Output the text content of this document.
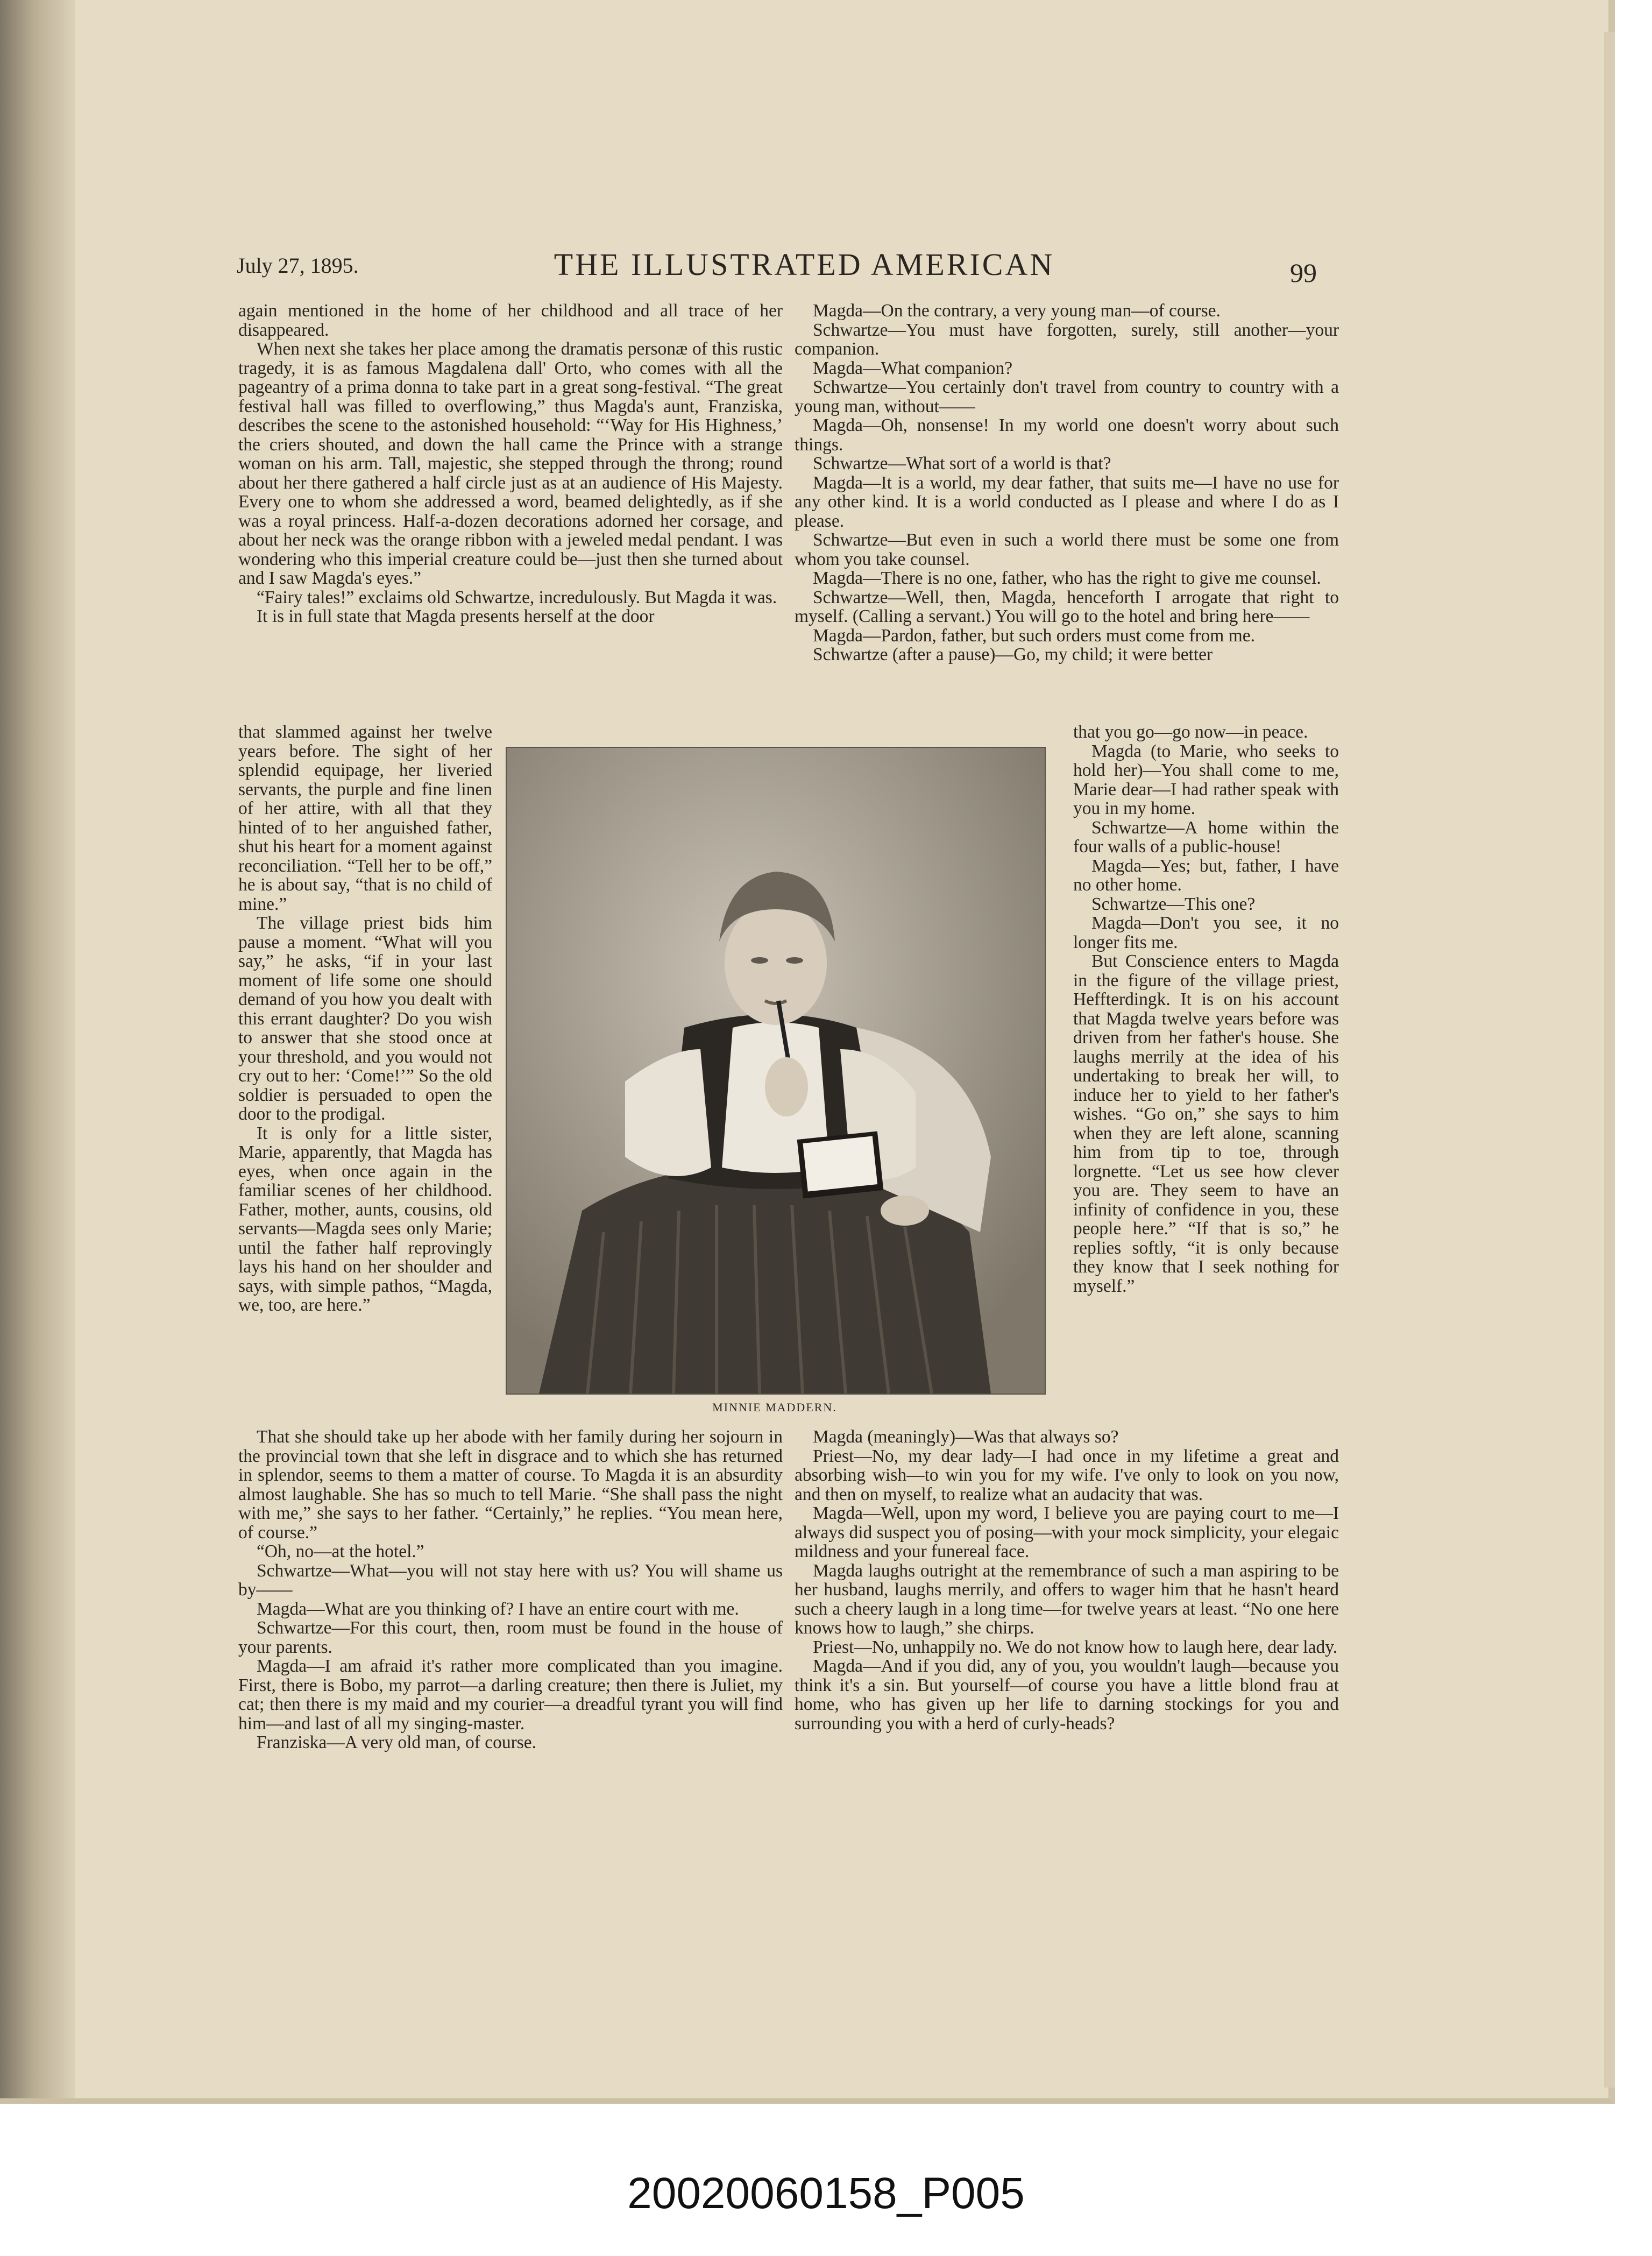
July 27, 1895.	THE ILLUSTRATED AMERICAN	99

again mentioned in the home of her childhood and all trace of her disappeared.

When next she takes her place among the dramatis personæ of this rustic tragedy, it is as famous Magdalena dall' Orto, who comes with all the pageantry of a prima donna to take part in a great song-festival. “The great festival hall was filled to overflowing,” thus Magda's aunt, Franziska, describes the scene to the astonished household: “‘Way for His Highness,’ the criers shouted, and down the hall came the Prince with a strange woman on his arm. Tall, majestic, she stepped through the throng; round about her there gathered a half circle just as at an audience of His Majesty. Every one to whom she addressed a word, beamed delightedly, as if she was a royal princess. Half-a-dozen decorations adorned her corsage, and about her neck was the orange ribbon with a jeweled medal pendant. I was wondering who this imperial creature could be—just then she turned about and I saw Magda's eyes.”

“Fairy tales!” exclaims old Schwartze, incredulously. But Magda it was.

It is in full state that Magda presents herself at the door

that slammed against her twelve years before. The sight of her splendid equipage, her liveried servants, the purple and fine linen of her attire, with all that they hinted of to her anguished father, shut his heart for a moment against reconciliation. “Tell her to be off,” he is about say, “that is no child of mine.”

The village priest bids him pause a moment. “What will you say,” he asks, “if in your last moment of life some one should demand of you how you dealt with this errant daughter? Do you wish to answer that she stood once at your threshold, and you would not cry out to her: ‘Come!’” So the old soldier is persuaded to open the door to the prodigal.

It is only for a little sister, Marie, apparently, that Magda has eyes, when once again in the familiar scenes of her childhood. Father, mother, aunts, cousins, old servants—Magda sees only Marie; until the father half reprovingly lays his hand on her shoulder and says, with simple pathos, “Magda, we, too, are here.”

MINNIE MADDERN.

That she should take up her abode with her family during her sojourn in the provincial town that she left in disgrace and to which she has returned in splendor, seems to them a matter of course. To Magda it is an absurdity almost laughable. She has so much to tell Marie. “She shall pass the night with me,” she says to her father. “Certainly,” he replies. “You mean here, of course.”

“Oh, no—at the hotel.”

Schwartze—What—you will not stay here with us? You will shame us by——

Magda—What are you thinking of? I have an entire court with me.

Schwartze—For this court, then, room must be found in the house of your parents.

Magda—I am afraid it's rather more complicated than you imagine. First, there is Bobo, my parrot—a darling creature; then there is Juliet, my cat; then there is my maid and my courier—a dreadful tyrant you will find him—and last of all my singing-master.

Franziska—A very old man, of course.

Magda—On the contrary, a very young man—of course.

Schwartze—You must have forgotten, surely, still another—your companion.

Magda—What companion?

Schwartze—You certainly don't travel from country to country with a young man, without——

Magda—Oh, nonsense! In my world one doesn't worry about such things.

Schwartze—What sort of a world is that?

Magda—It is a world, my dear father, that suits me—I have no use for any other kind. It is a world conducted as I please and where I do as I please.

Schwartze—But even in such a world there must be some one from whom you take counsel.

Magda—There is no one, father, who has the right to give me counsel.

Schwartze—Well, then, Magda, henceforth I arrogate that right to myself. (Calling a servant.) You will go to the hotel and bring here——

Magda—Pardon, father, but such orders must come from me.

Schwartze (after a pause)—Go, my child; it were better

that you go—go now—in peace.

Magda (to Marie, who seeks to hold her)—You shall come to me, Marie dear—I had rather speak with you in my home.

Schwartze—A home within the four walls of a public-house!

Magda—Yes; but, father, I have no other home.

Schwartze—This one?

Magda—Don't you see, it no longer fits me.

But Conscience enters to Magda in the figure of the village priest, Heffterdingk. It is on his account that Magda twelve years before was driven from her father's house. She laughs merrily at the idea of his undertaking to break her will, to induce her to yield to her father's wishes. “Go on,” she says to him when they are left alone, scanning him from tip to toe, through lorgnette. “Let us see how clever you are. They seem to have an infinity of confidence in you, these people here.” “If that is so,” he replies softly, “it is only because they know that I seek nothing for myself.”

Magda (meaningly)—Was that always so?

Priest—No, my dear lady—I had once in my lifetime a great and absorbing wish—to win you for my wife. I've only to look on you now, and then on myself, to realize what an audacity that was.

Magda—Well, upon my word, I believe you are paying court to me—I always did suspect you of posing—with your mock simplicity, your elegaic mildness and your funereal face.

Magda laughs outright at the remembrance of such a man aspiring to be her husband, laughs merrily, and offers to wager him that he hasn't heard such a cheery laugh in a long time—for twelve years at least. “No one here knows how to laugh,” she chirps.

Priest—No, unhappily no. We do not know how to laugh here, dear lady.

Magda—And if you did, any of you, you wouldn't laugh—because you think it's a sin. But yourself—of course you have a little blond frau at home, who has given up her life to darning stockings for you and surrounding you with a herd of curly-heads?

20020060158_P005
